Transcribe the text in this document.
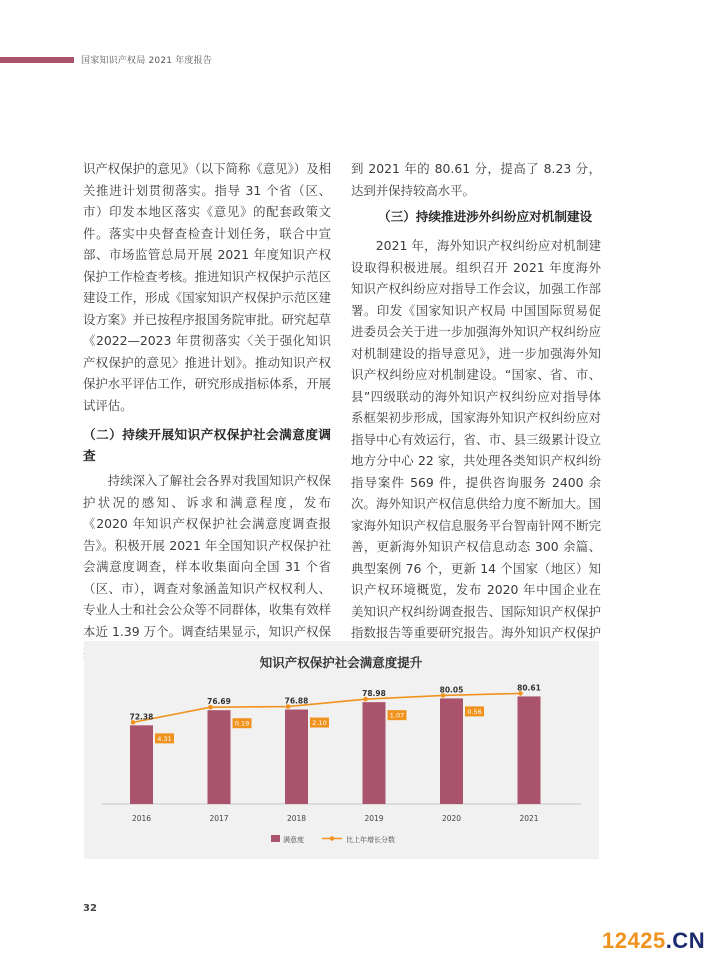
国家知识产权局 2021 年度报告

识产权保护的意见》（以下简称《意见》）及相关推进计划贯彻落实。指导 31 个省（区、市）印发本地区落实《意见》的配套政策文件。落实中央督查检查计划任务，联合中宣部、市场监管总局开展 2021 年度知识产权保护工作检查考核。推进知识产权保护示范区建设工作，形成《国家知识产权保护示范区建设方案》并已按程序报国务院审批。研究起草《2022—2023 年贯彻落实〈关于强化知识产权保护的意见〉推进计划》。推动知识产权保护水平评估工作，研究形成指标体系，开展试评估。

（二）持续开展知识产权保护社会满意度调查

持续深入了解社会各界对我国知识产权保护状况的感知、诉求和满意程度，发布《2020 年知识产权保护社会满意度调查报告》。积极开展 2021 年全国知识产权保护社会满意度调查，样本收集面向全国 31 个省（区、市），调查对象涵盖知识产权权利人、专业人士和社会公众等不同群体，收集有效样本近 1.39 万个。调查结果显示，知识产权保

到 2021 年的 80.61 分，提高了 8.23 分，达到并保持较高水平。

（三）持续推进涉外纠纷应对机制建设

2021 年，海外知识产权纠纷应对机制建设取得积极进展。组织召开 2021 年度海外知识产权纠纷应对指导工作会议，加强工作部署。印发《国家知识产权局 中国国际贸易促进委员会关于进一步加强海外知识产权纠纷应对机制建设的指导意见》，进一步加强海外知识产权纠纷应对机制建设。“国家、省、市、县”四级联动的海外知识产权纠纷应对指导体系框架初步形成，国家海外知识产权纠纷应对指导中心有效运行，省、市、县三级累计设立地方分中心 22 家，共处理各类知识产权纠纷指导案件 569 件，提供咨询服务 2400 余次。海外知识产权信息供给力度不断加大。国家海外知识产权信息服务平台智南针网不断完善，更新海外知识产权信息动态 300 余篇、典型案例 76 个，更新 14 个国家（地区）知识产权环境概览，发布 2020 年中国企业在美知识产权纠纷调查报告、国际知识产权保护指数报告等重要研究报告。海外知识产权保护

知识产权保护社会满意度提升
72.38
2016
76.69
2017
76.88
2018
78.98
2019
80.05
2020
80.61
2021
4.31
0.19	2.10
1.07	0.56
满意度	比上年增长分数
32
12425.CN
